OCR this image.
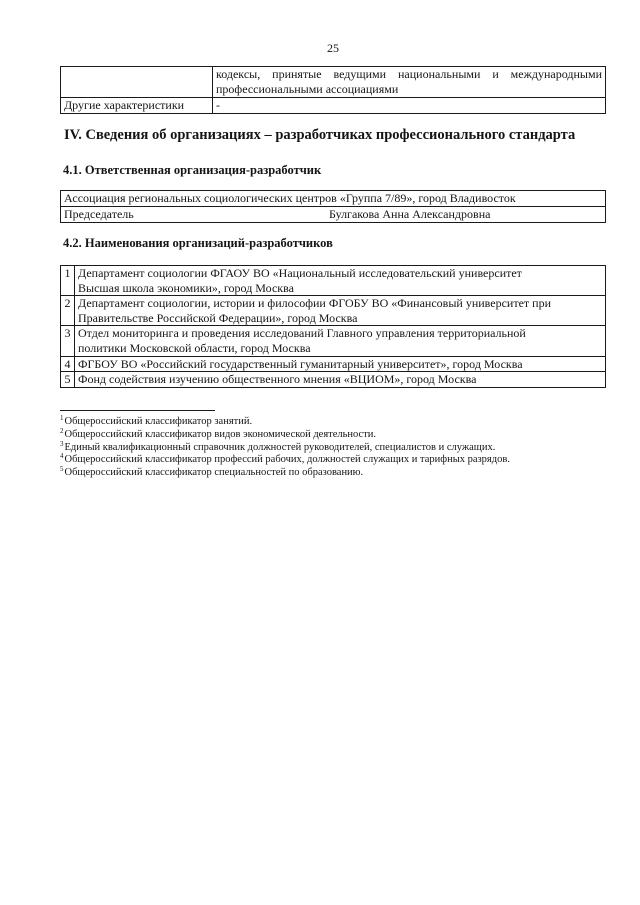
25

	кодексы, принятые ведущими национальными и международными
профессиональными ассоциациями

Другие характеристики	-
IV. Сведения об организациях – разработчиках профессионального стандарта
4.1. Ответственная организация-разработчик
Ассоциация региональных социологических центров «Группа 7/89», город Владивосток

Председатель	Булгакова Анна Александровна
4.2. Наименования организаций-разработчиков
1	Департамент социологии ФГАОУ ВО «Национальный исследовательский университет
Высшая школа экономики», город Москва

2	Департамент социологии, истории и философии ФГОБУ ВО «Финансовый университет при
Правительстве Российской Федерации», город Москва

3	Отдел мониторинга и проведения исследований Главного управления территориальной
политики Московской области, город Москва

4	ФГБОУ ВО «Российский государственный гуманитарный университет», город Москва

5	Фонд содействия изучению общественного мнения «ВЦИОМ», город Москва
$^1$Общероссийский классификатор занятий.
$^2$Общероссийский классификатор видов экономической деятельности.
$^3$Единый квалификационный справочник должностей руководителей, специалистов и служащих.
$^4$Общероссийский классификатор профессий рабочих, должностей служащих и тарифных разрядов.
$^5$Общероссийский классификатор специальностей по образованию.
